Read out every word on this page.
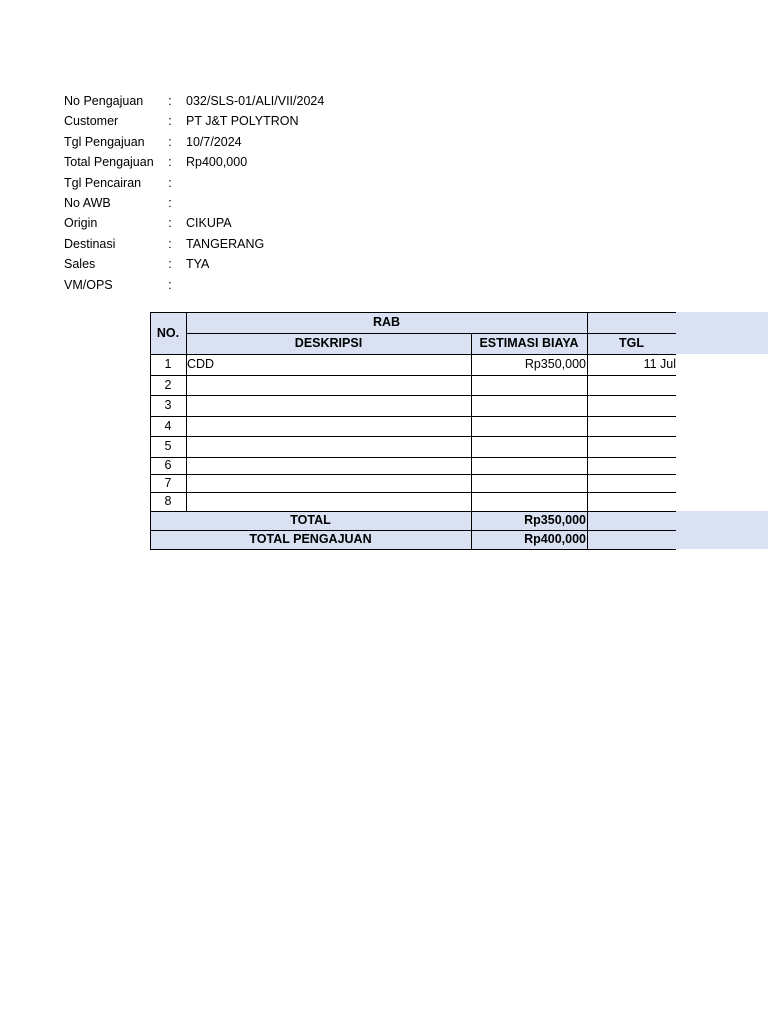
No Pengajuan	:	032/SLS-01/ALI/VII/2024
Customer	:	PT J&T POLYTRON
Tgl Pengajuan	:	10/7/2024
Total Pengajuan	:	Rp400,000
Tgl Pencairan	:
No AWB	:
Origin	:	CIKUPA
Destinasi	:	TANGERANG
Sales	:	TYA
VM/OPS	:
NO.
RAB
DESKRIPSI	ESTIMASI BIAYA	TGL
1	CDD	Rp350,000	11 Jul
2
3
4
5
6
7
8
TOTAL	Rp350,000
TOTAL PENGAJUAN	Rp400,000
